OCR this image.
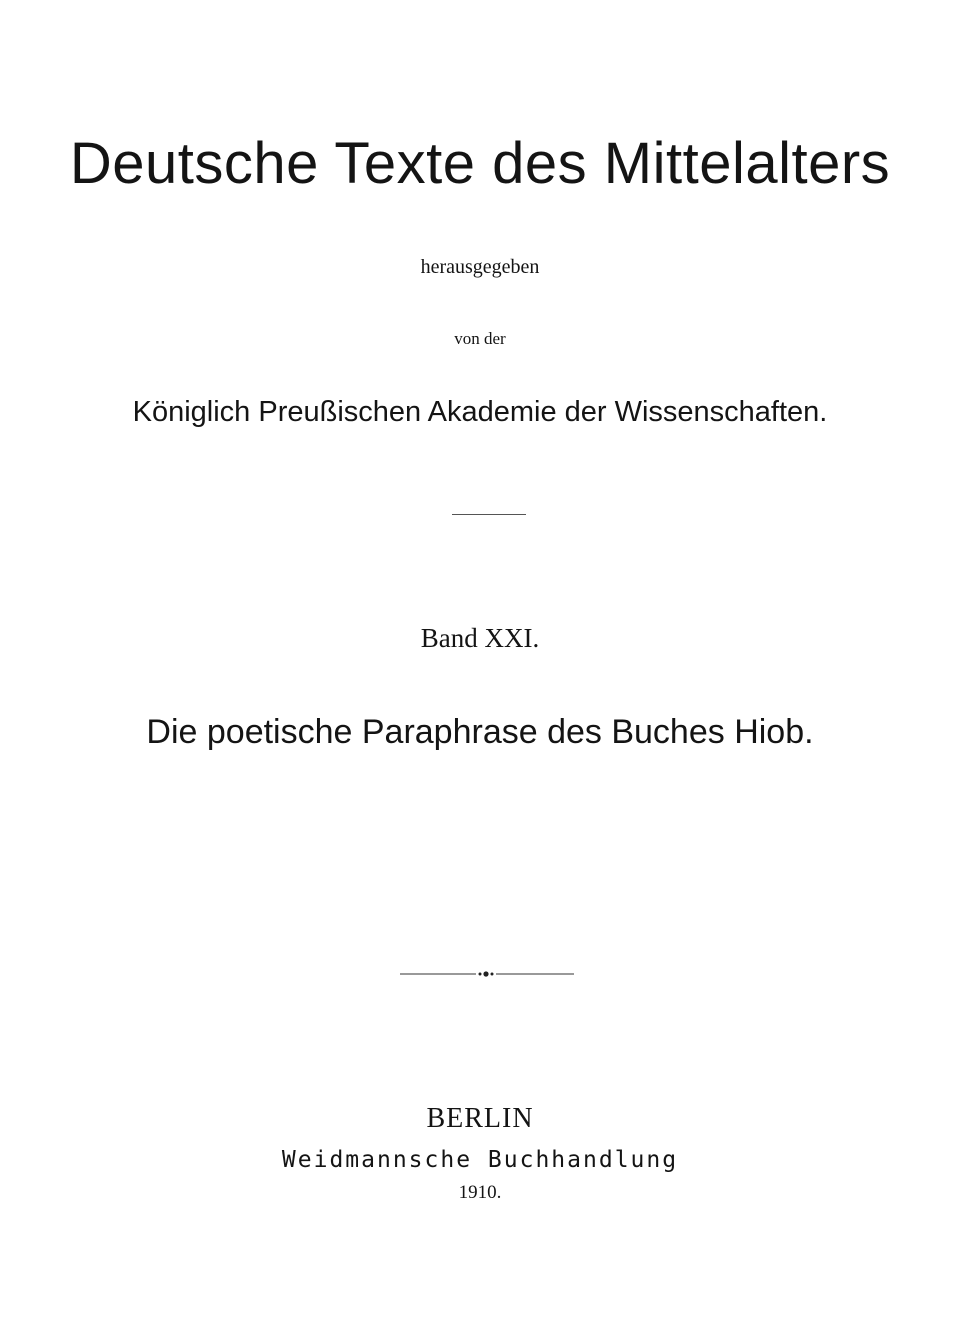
Deutsche Texte des Mittelalters
herausgegeben
von der
Königlich Preußischen Akademie der Wissenschaften.
Band XXI.
Die poetische Paraphrase des Buches Hiob.
BERLIN
Weidmannsche Buchhandlung
1910.
